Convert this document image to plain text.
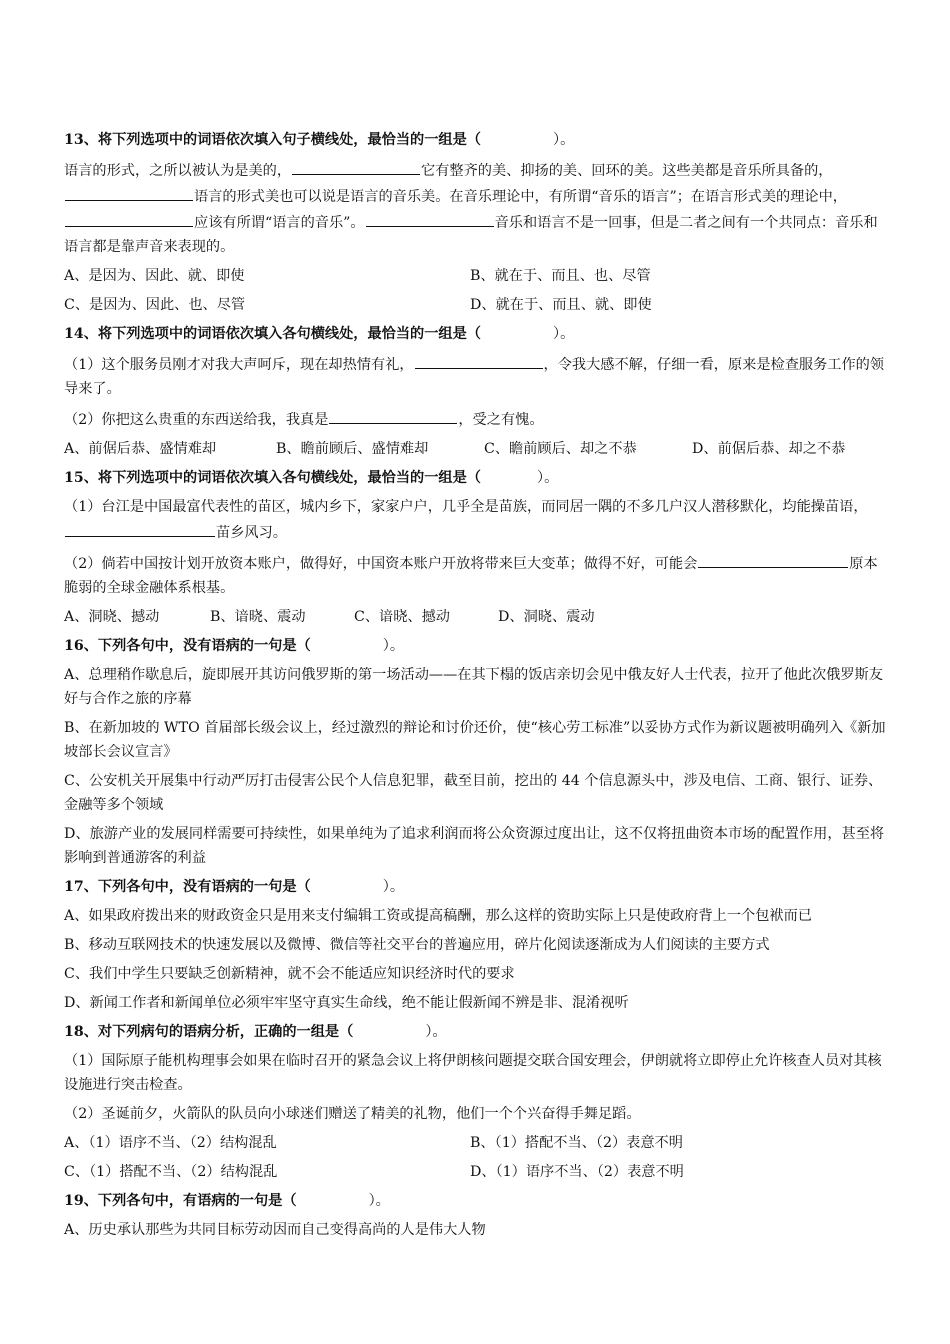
13、将下列选项中的词语依次填入句子横线处，最恰当的一组是（	）。

语言的形式，之所以被认为是美的，	它有整齐的美、抑扬的美、回环的美。这些美都是音乐所具备的，语言的形式美也可以说是语言的音乐美。在音乐理论中，有所谓“音乐的语言”；在语言形式美的理论中，应该有所谓“语言的音乐”。	音乐和语言不是一回事，但是二者之间有一个共同点：音乐和语言都是靠声音来表现的。

A、是因为、因此、就、即使	B、就在于、而且、也、尽管
C、是因为、因此、也、尽管	D、就在于、而且、就、即使

14、将下列选项中的词语依次填入各句横线处，最恰当的一组是（	）。

（1）这个服务员刚才对我大声呵斥，现在却热情有礼，	，令我大感不解，仔细一看，原来是检查服务工作的领导来了。

（2）你把这么贵重的东西送给我，我真是	，受之有愧。

A、前倨后恭、盛情难却	B、瞻前顾后、盛情难却	C、瞻前顾后、却之不恭	D、前倨后恭、却之不恭

15、将下列选项中的词语依次填入各句横线处，最恰当的一组是（	）。

（1）台江是中国最富代表性的苗区，城内乡下，家家户户，几乎全是苗族，而同居一隅的不多几户汉人潜移默化，均能操苗语，苗乡风习。

（2）倘若中国按计划开放资本账户，做得好，中国资本账户开放将带来巨大变革；做得不好，可能会	原本脆弱的全球金融体系根基。

A、洞晓、撼动	B、谙晓、震动	C、谙晓、撼动	D、洞晓、震动

16、下列各句中，没有语病的一句是（	）。

A、总理稍作歇息后，旋即展开其访问俄罗斯的第一场活动——在其下榻的饭店亲切会见中俄友好人士代表，拉开了他此次俄罗斯友好与合作之旅的序幕

B、在新加坡的 WTO 首届部长级会议上，经过激烈的辩论和讨价还价，使“核心劳工标准”以妥协方式作为新议题被明确列入《新加坡部长会议宣言》

C、公安机关开展集中行动严厉打击侵害公民个人信息犯罪，截至目前，挖出的 44 个信息源头中，涉及电信、工商、银行、证券、金融等多个领域

D、旅游产业的发展同样需要可持续性，如果单纯为了追求利润而将公众资源过度出让，这不仅将扭曲资本市场的配置作用，甚至将影响到普通游客的利益

17、下列各句中，没有语病的一句是（	）。

A、如果政府拨出来的财政资金只是用来支付编辑工资或提高稿酬，那么这样的资助实际上只是使政府背上一个包袱而已

B、移动互联网技术的快速发展以及微博、微信等社交平台的普遍应用，碎片化阅读逐渐成为人们阅读的主要方式

C、我们中学生只要缺乏创新精神，就不会不能适应知识经济时代的要求

D、新闻工作者和新闻单位必须牢牢坚守真实生命线，绝不能让假新闻不辨是非、混淆视听

18、对下列病句的语病分析，正确的一组是（	）。

（1）国际原子能机构理事会如果在临时召开的紧急会议上将伊朗核问题提交联合国安理会，伊朗就将立即停止允许核查人员对其核设施进行突击检查。

（2）圣诞前夕，火箭队的队员向小球迷们赠送了精美的礼物，他们一个个兴奋得手舞足蹈。

A、（1）语序不当、（2）结构混乱	B、（1）搭配不当、（2）表意不明
C、（1）搭配不当、（2）结构混乱	D、（1）语序不当、（2）表意不明

19、下列各句中，有语病的一句是（	）。

A、历史承认那些为共同目标劳动因而自己变得高尚的人是伟大人物
